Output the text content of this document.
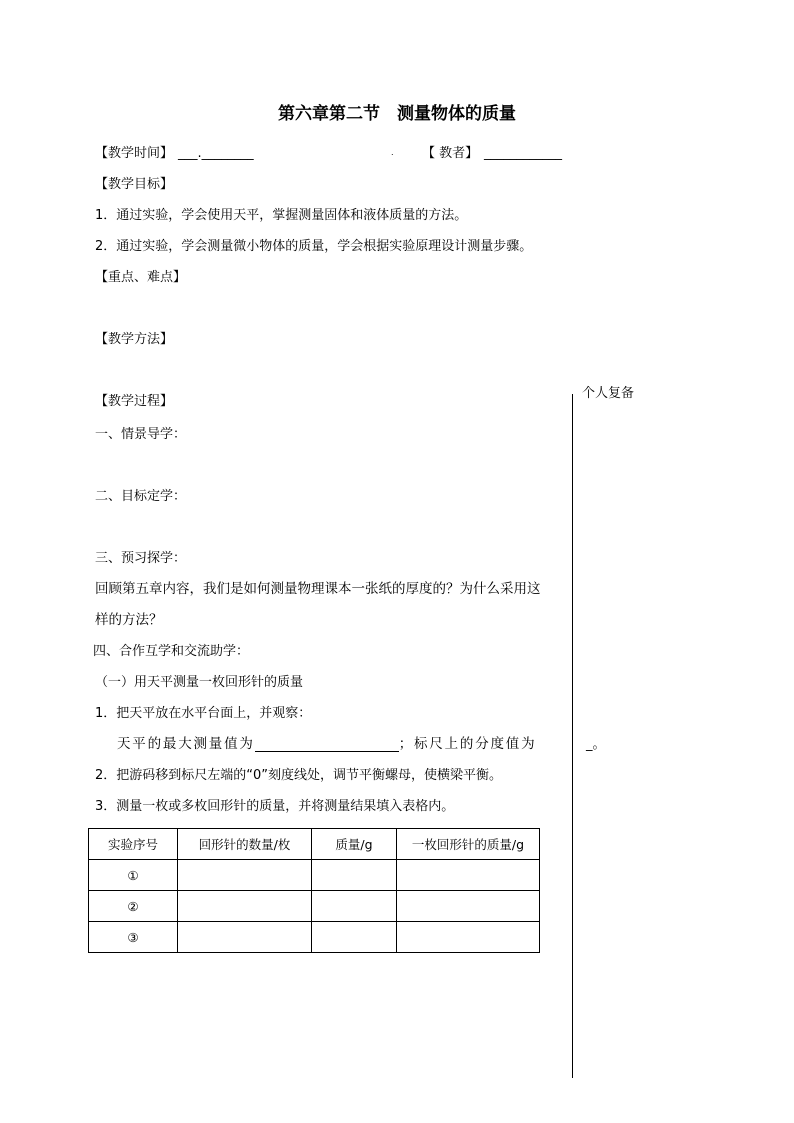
第六章第二节　测量物体的质量
【教学时间】 ___.________	. 【 教者】 ____________
【教学目标】
1．通过实验，学会使用天平，掌握测量固体和液体质量的方法。
2．通过实验，学会测量微小物体的质量，学会根据实验原理设计测量步骤。
【重点、难点】
【教学方法】
个人复备
【教学过程】
一、情景导学：
二、目标定学：
三、预习探学：
回顾第五章内容，我们是如何测量物理课本一张纸的厚度的？为什么采用这
样的方法？
四、合作互学和交流助学：
（一）用天平测量一枚回形针的质量
1．把天平放在水平台面上，并观察：
天平的最大测量值为	；标尺上的分度值为	_。
2．把游码移到标尺左端的“0”刻度线处，调节平衡螺母，使横梁平衡。
3．测量一枚或多枚回形针的质量，并将测量结果填入表格内。
实验序号	回形针的数量/枚	质量/g	一枚回形针的质量/g
①			
②			
③			
